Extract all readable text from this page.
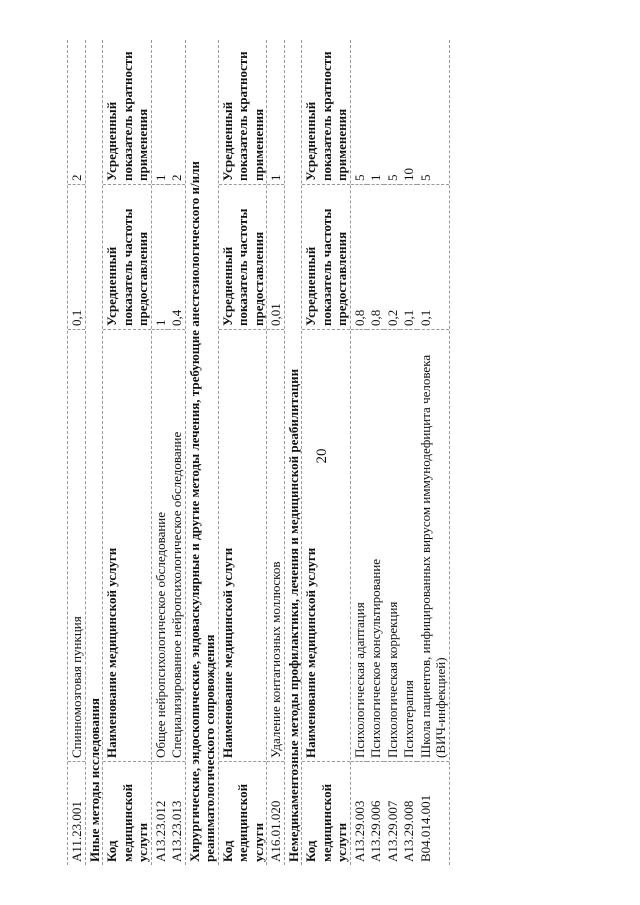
20
А11.23.001
Спинномозговая пункция
0,1
2
Иные методы исследования Код медицинской услуги
Наименование медицинской услуги
Усредненный показатель частоты предоставления
Усредненный показатель кратности применения
А13.23.012
Общее нейропсихологическое обследование
1
1
А13.23.013
Специализированное нейропсихологическое обследование
0,4
2 Хирургические, эндоскопические, эндоваскулярные и другие методы лечения, требующие анестезиологического и/или реаниматологического сопровождения Код медицинской услуги
Наименование медицинской услуги
Усредненный показатель частоты предоставления
Усредненный показатель кратности применения
А16.01.020
Удаление контагиозных моллюсков
0,01
1
Немедикаментозные методы профилактики, лечения и медицинской реабилитации Код медицинской услуги
Наименование медицинской услуги
Усредненный показатель частоты предоставления
Усредненный показатель кратности применения
А13.29.003
Психологическая адаптация
0,8
5
А13.29.006
Психологическое консультирование
0,8
1
А13.29.007
Психологическая коррекция
0,2
5
А13.29.008
Психотерапия
0,1
10
В04.014.001
Школа пациентов, инфицированных вирусом иммунодефицита человека (ВИЧ-инфекцией)
0,1
5
